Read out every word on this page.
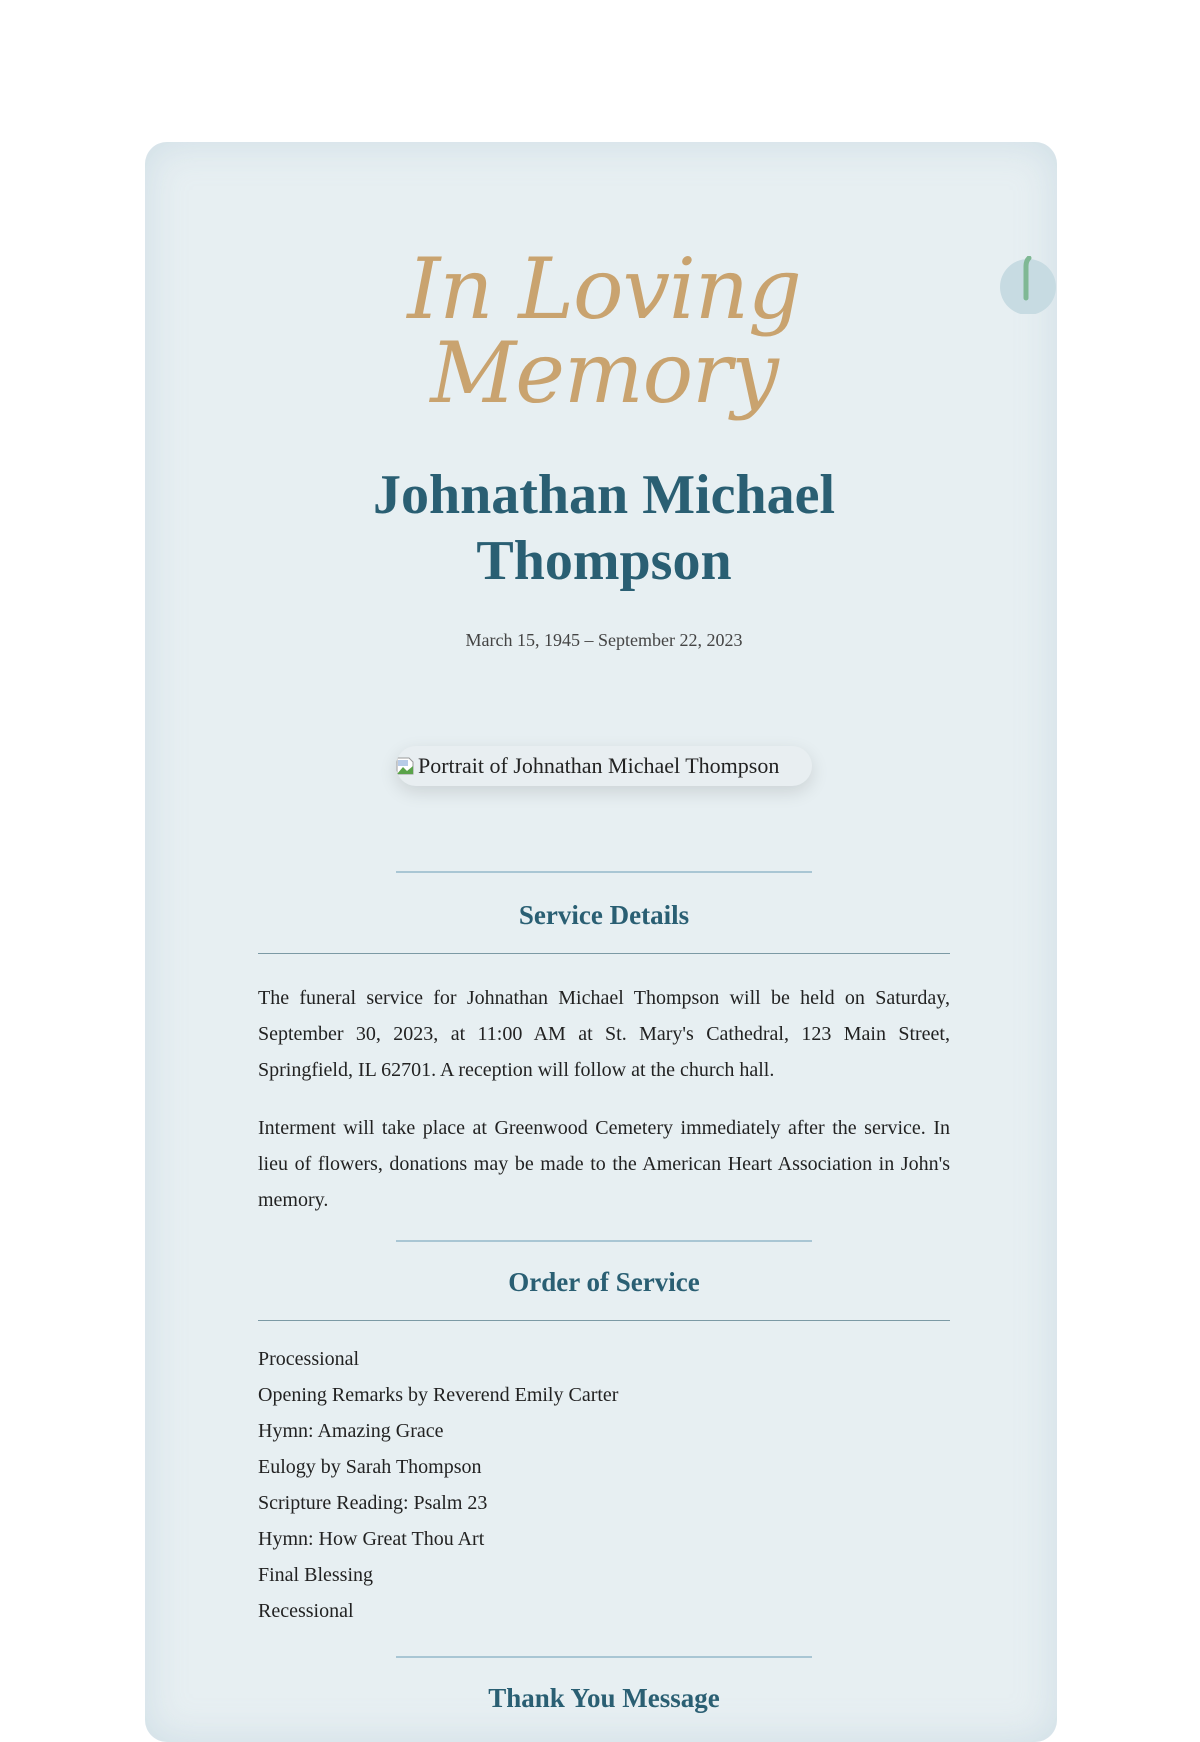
In Loving Memory
Johnathan Michael
Thompson
March 15, 1945 – September 22, 2023
Portrait of Johnathan Michael Thompson
Service Details

The funeral service for Johnathan Michael Thompson will be held on Saturday, September 30, 2023, at 11:00 AM at St. Mary's Cathedral, 123 Main Street, Springfield, IL 62701. A reception will follow at the church hall.

Interment will take place at Greenwood Cemetery immediately after the service. In lieu of flowers, donations may be made to the American Heart Association in John's memory.

Order of Service
Processional
Opening Remarks by Reverend Emily Carter
Hymn: Amazing Grace
Eulogy by Sarah Thompson
Scripture Reading: Psalm 23
Hymn: How Great Thou Art
Final Blessing
Recessional
Thank You Message
